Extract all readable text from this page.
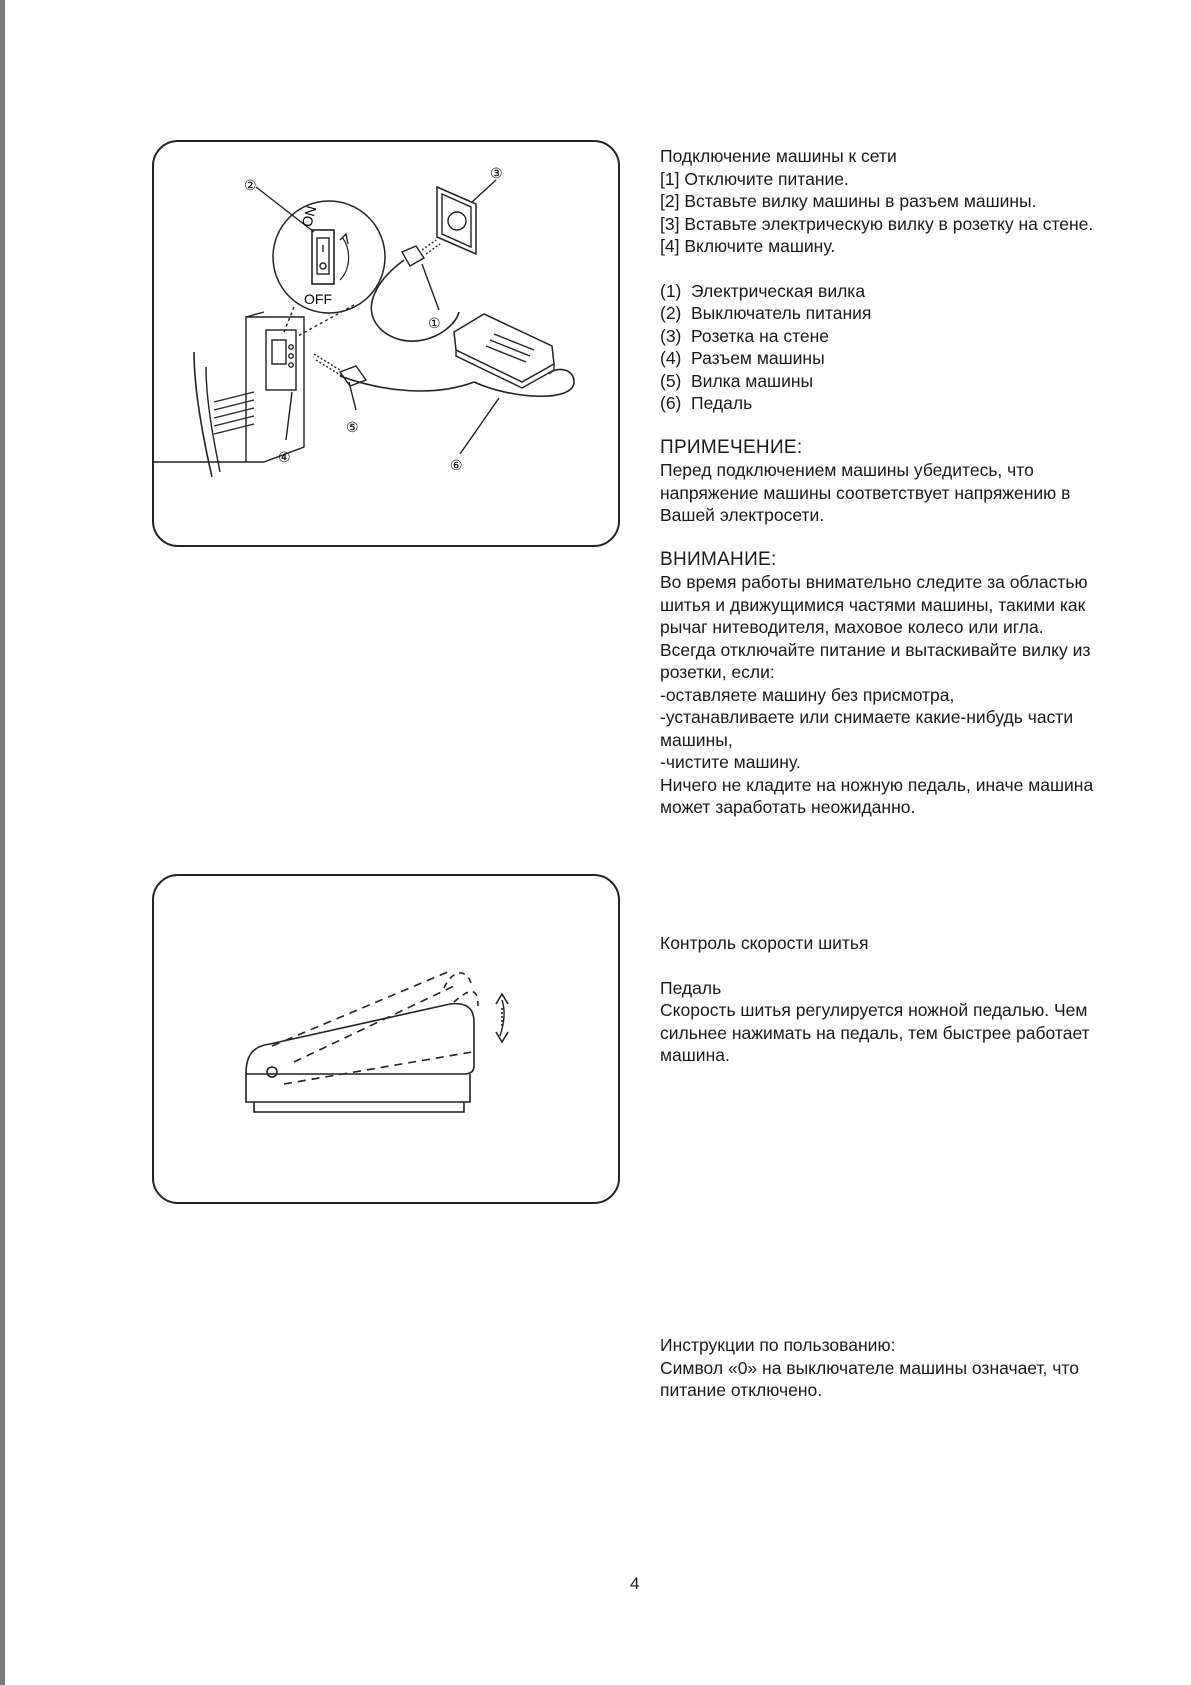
ON
OFF
②
③
①
⑤
④	⑥

Подключение машины к сети

[1] Отключите питание.

[2] Вставьте вилку машины в разъем машины.

[3] Вставьте электрическую вилку в розетку на стене.

[4] Включите машину.

(1) Электрическая вилка
(2) Выключатель питания
(3) Розетка на стене
(4) Разъем машины
(5) Вилка машины
(6) Педаль

ПРИМЕЧЕНИЕ:

Перед подключением машины убедитесь, что напряжение машины соответствует напряжению в Вашей электросети.

ВНИМАНИЕ:

Во время работы внимательно следите за областью шитья и движущимися частями машины, такими как рычаг нитеводителя, маховое колесо или игла.

Всегда отключайте питание и вытаскивайте вилку из розетки, если:

-оставляете машину без присмотра,

-устанавливаете или снимаете какие-нибудь части машины,

-чистите машину.

Ничего не кладите на ножную педаль, иначе машина может заработать неожиданно.

Контроль скорости шитья

Педаль

Скорость шитья регулируется ножной педалью. Чем сильнее нажимать на педаль, тем быстрее работает машина.

Инструкции по пользованию:

Символ «0» на выключателе машины означает, что питание отключено.

4
